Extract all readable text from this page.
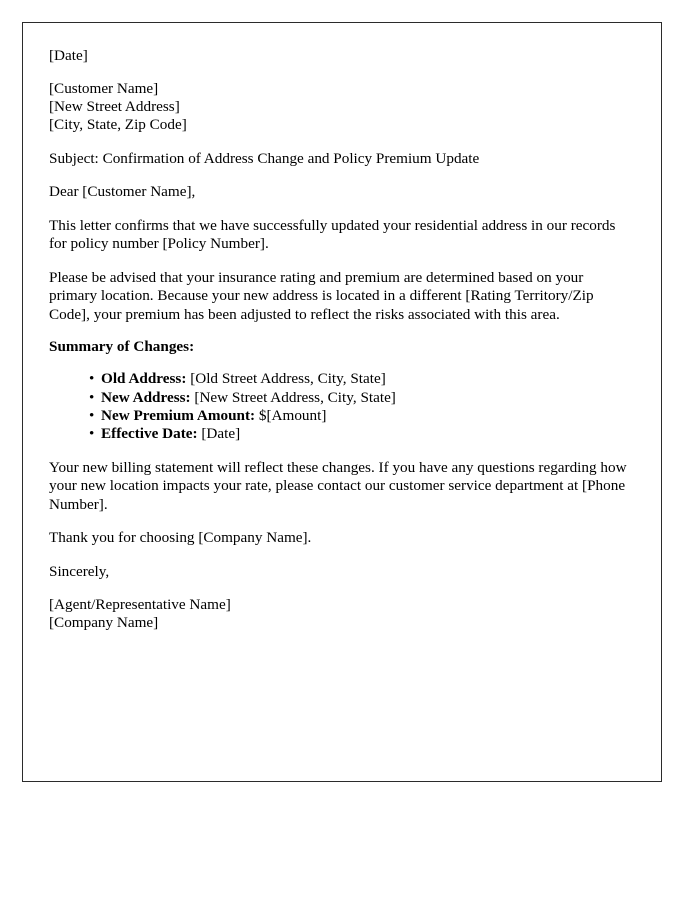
[Date]

[Customer Name]

[New Street Address]

[City, State, Zip Code]

Subject: Confirmation of Address Change and Policy Premium Update

Dear [Customer Name],

This letter confirms that we have successfully updated your residential address in our records for policy number [Policy Number].

Please be advised that your insurance rating and premium are determined based on your primary location. Because your new address is located in a different [Rating Territory/Zip Code], your premium has been adjusted to reflect the risks associated with this area.

Summary of Changes:

• Old Address: [Old Street Address, City, State]
• New Address: [New Street Address, City, State]
• New Premium Amount: $[Amount]
• Effective Date: [Date]

Your new billing statement will reflect these changes. If you have any questions regarding how your new location impacts your rate, please contact our customer service department at [Phone Number].

Thank you for choosing [Company Name].

Sincerely,

[Agent/Representative Name]

[Company Name]
